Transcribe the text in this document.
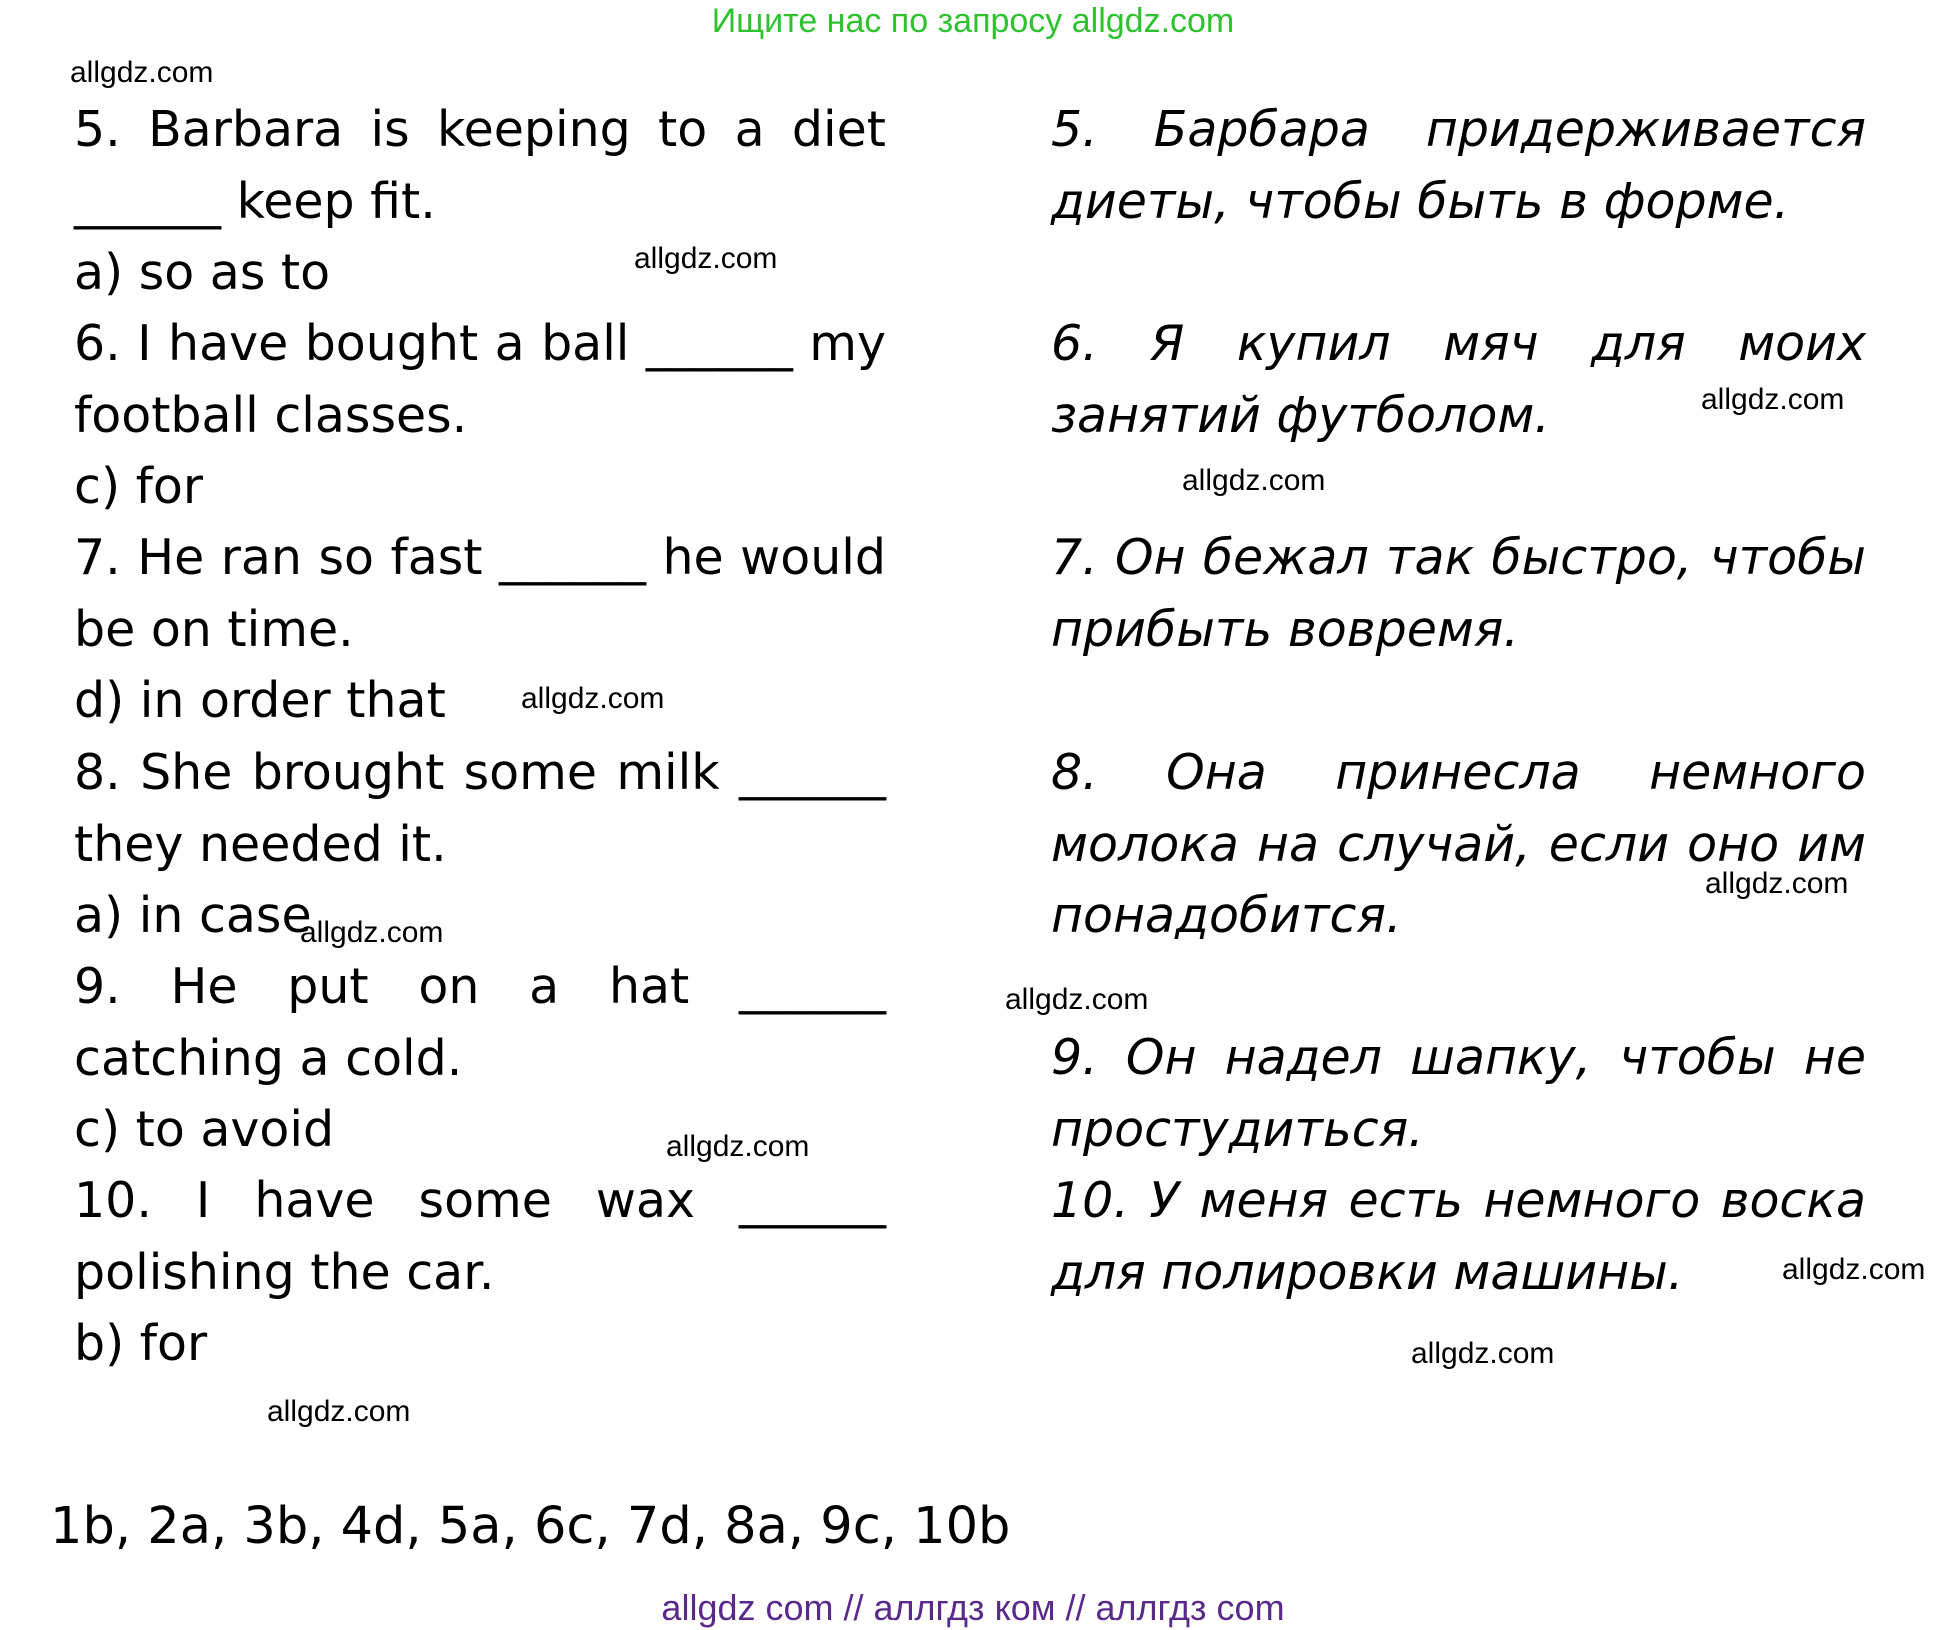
Ищите нас по запросу allgdz.com
allgdz.com
allgdz.com
allgdz.com
allgdz.com
allgdz.com
allgdz.com
allgdz.com
allgdz.com
allgdz.com
allgdz.com
allgdz.com
allgdz.com
5. Barbara is keeping to a diet ______ keep fit.
a) so as to
5. Барбара придерживается диеты, чтобы быть в форме.
6. I have bought a ball ______ my football classes.
c) for
6. Я купил мяч для моих занятий футболом.
7. He ran so fast ______ he would be on time.
d) in order that
7. Он бежал так быстро, чтобы прибыть вовремя.
8. She brought some milk ______ they needed it.
a) in case
8. Она принесла немного молока на случай, если оно им понадобится.
9. He put on a hat ______ catching a cold.
c) to avoid
9. Он надел шапку, чтобы не простудиться.
10. I have some wax ______ polishing the car.
b) for
10. У меня есть немного воска для полировки машины.
1b, 2a, 3b, 4d, 5a, 6c, 7d, 8a, 9c, 10b
allgdz com // аллгдз ком // аллгдз com
